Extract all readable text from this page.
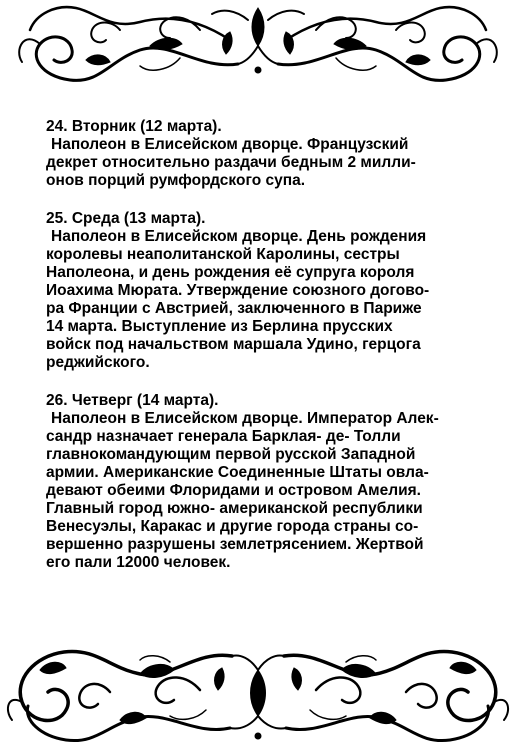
24. Вторник (12 марта).

Наполеон в Елисейском дворце. Французский
декрет относительно раздачи бедным 2 милли-
онов порций румфордского супа.

25. Среда (13 марта).

Наполеон в Елисейском дворце. День рождения
королевы неаполитанской Каролины, сестры
Наполеона, и день рождения её супруга короля
Иоахима Мюрата. Утверждение союзного догово-
ра Франции с Австрией, заключенного в Париже
14 марта. Выступление из Берлина прусских
войск под начальством маршала Удино, герцога
реджийского.

26. Четверг (14 марта).

Наполеон в Елисейском дворце. Император Алек-
сандр назначает генерала Барклая- де- Толли
главнокомандующим первой русской Западной
армии. Американские Соединенные Штаты овла-
девают обеими Флоридами и островом Амелия.
Главный город южно- американской республики
Венесуэлы, Каракас и другие города страны со-
вершенно разрушены землетрясением. Жертвой
его пали 12000 человек.
